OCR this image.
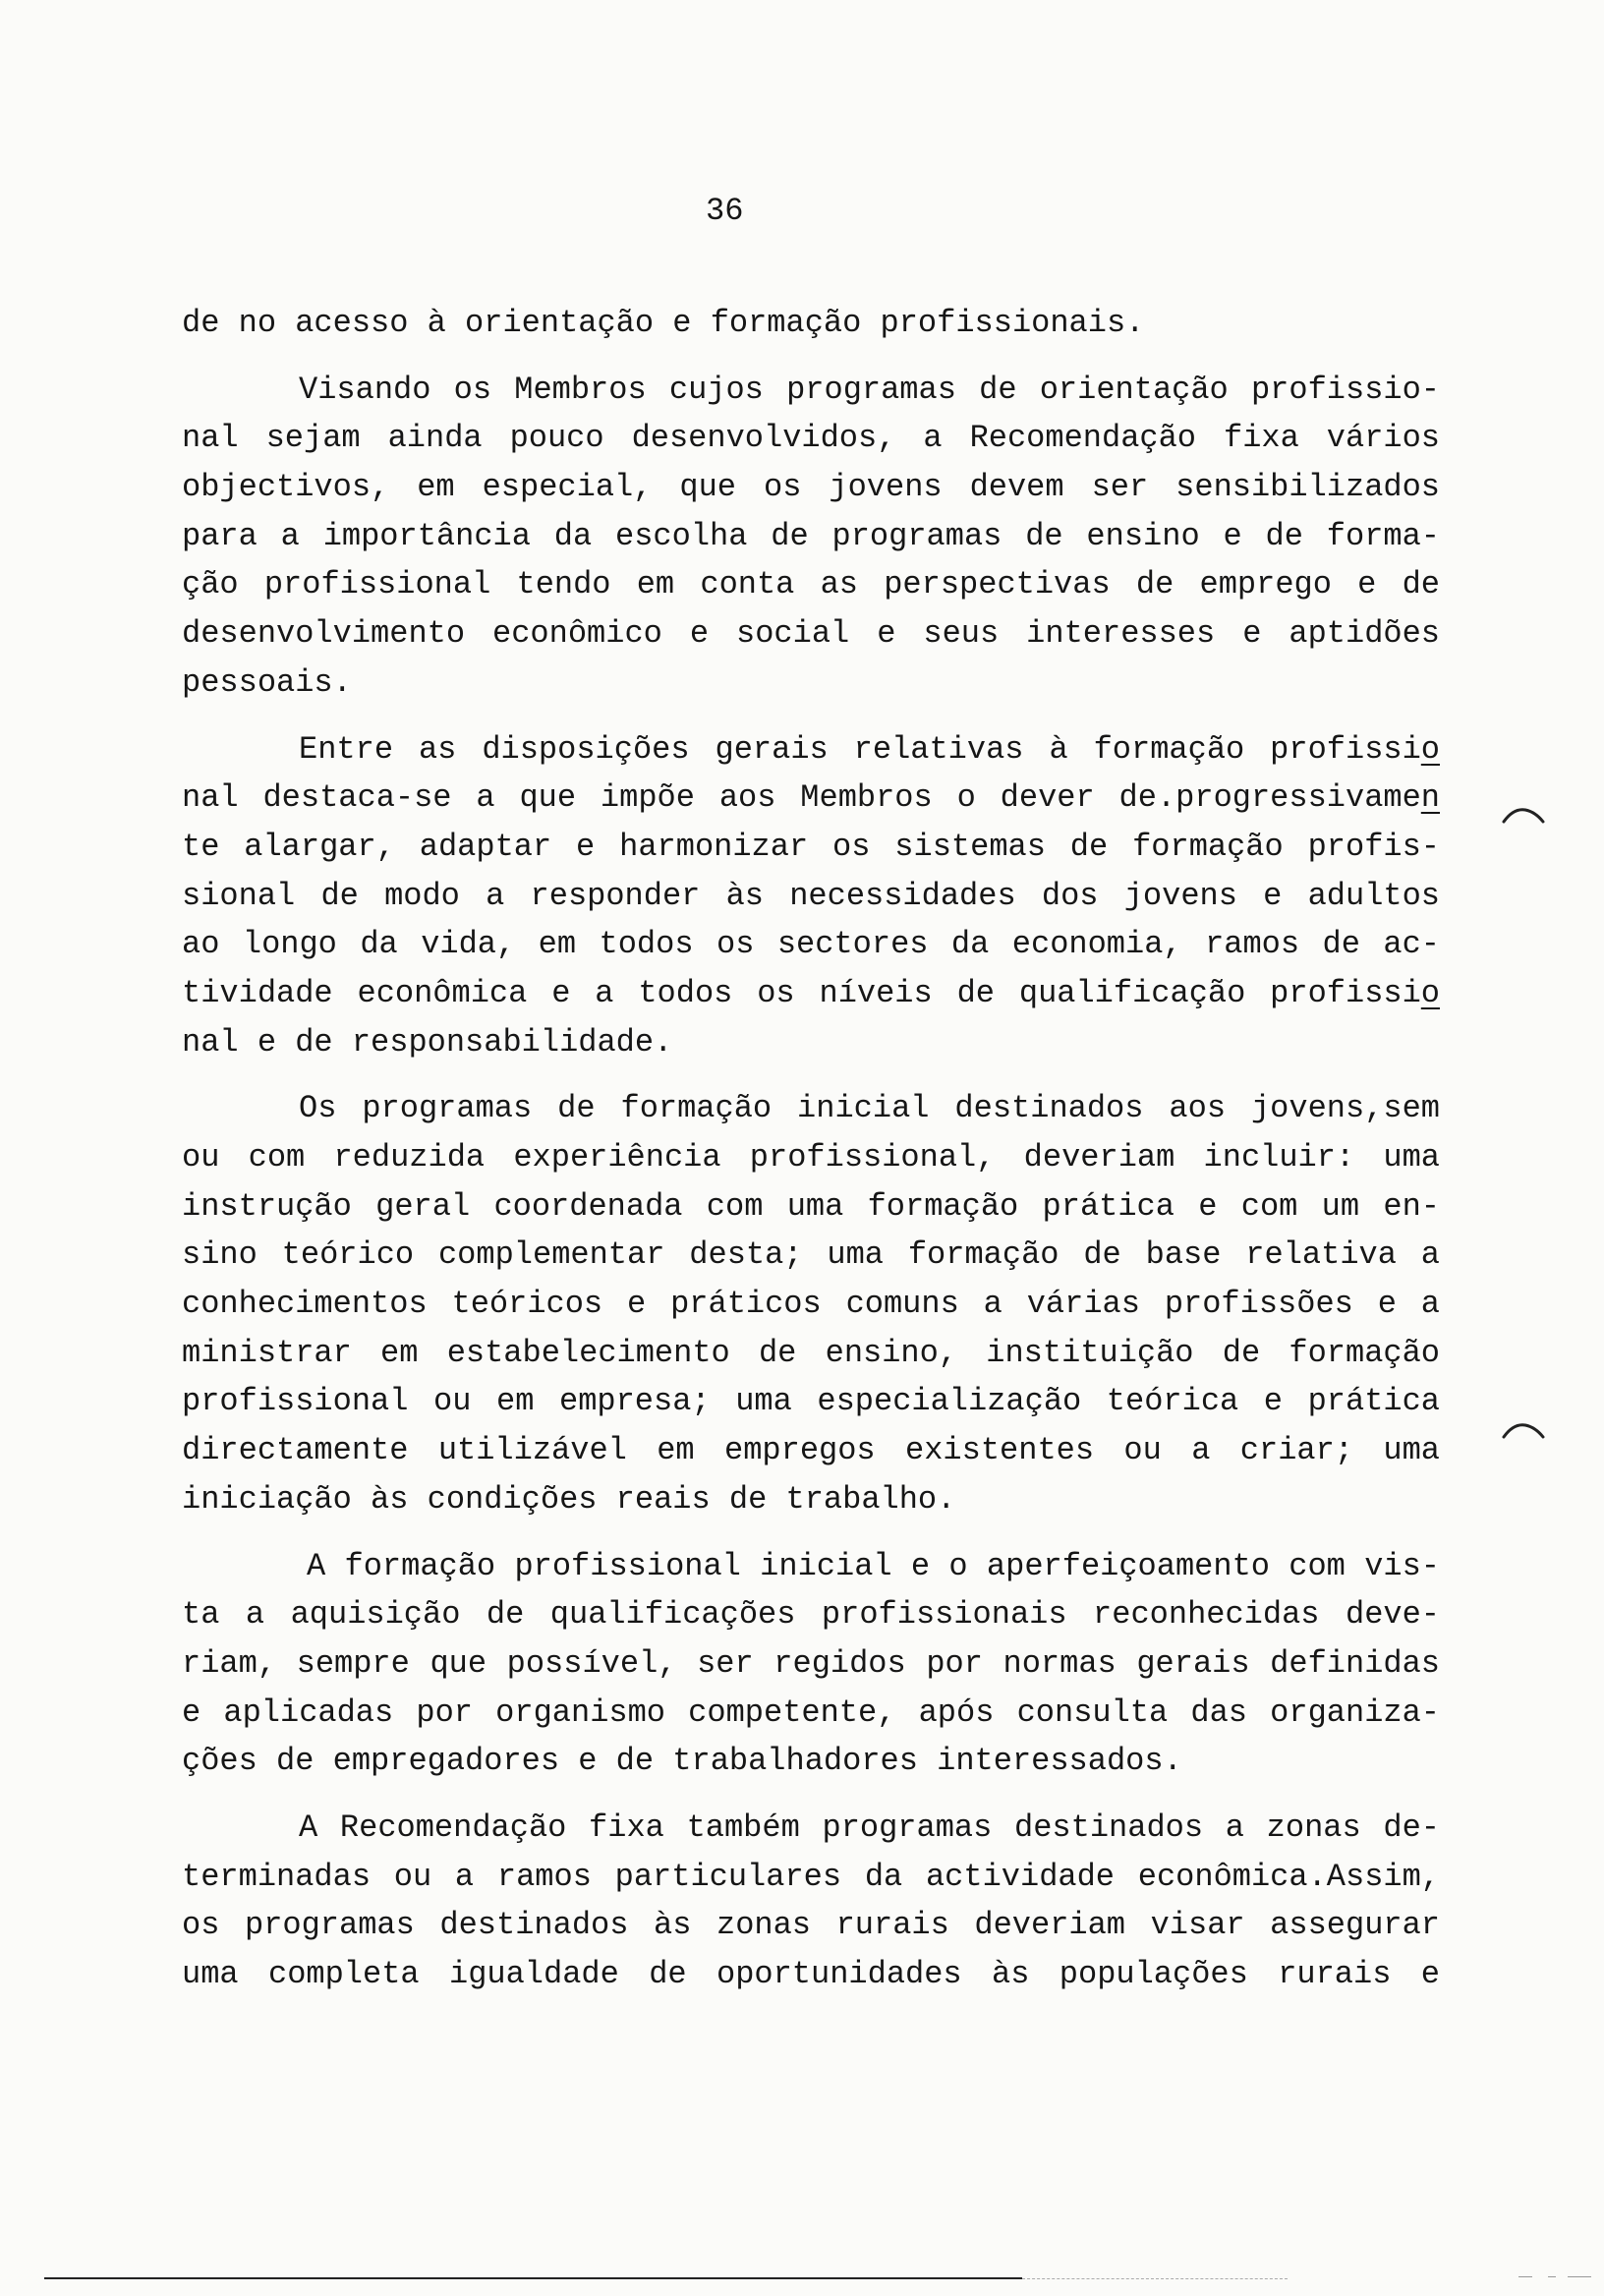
36
de no acesso à orientação e formação profissionais.
Visando os Membros cujos programas de orientação profissio-
nal sejam ainda pouco desenvolvidos, a Recomendação fixa vários
objectivos, em especial, que os jovens devem ser sensibilizados
para a importância da escolha de programas de ensino e de forma-
ção profissional tendo em conta as perspectivas de emprego e de
desenvolvimento econômico e social e seus interesses e aptidões
pessoais.
Entre as disposições gerais relativas à formação profissio
nal destaca-se a que impõe aos Membros o dever de.progressivamen
te alargar, adaptar e harmonizar os sistemas de formação profis-
sional de modo a responder às necessidades dos jovens e adultos
ao longo da vida, em todos os sectores da economia, ramos de ac-
tividade econômica e a todos os níveis de qualificação profissio
nal e de responsabilidade.
Os programas de formação inicial destinados aos jovens,sem
ou com reduzida experiência profissional, deveriam incluir: uma
instrução geral coordenada com uma formação prática e com um en-
sino teórico complementar desta; uma formação de base relativa a
conhecimentos teóricos e práticos comuns a várias profissões e a
ministrar em estabelecimento de ensino, instituição de formação
profissional ou em empresa; uma especialização teórica e prática
directamente utilizável em empregos existentes ou a criar; uma
iniciação às condições reais de trabalho.
A formação profissional inicial e o aperfeiçoamento com vis-
ta a aquisição de qualificações profissionais reconhecidas deve-
riam, sempre que possível, ser regidos por normas gerais definidas
e aplicadas por organismo competente, após consulta das organiza-
ções de empregadores e de trabalhadores interessados.
A Recomendação fixa também programas destinados a zonas de-
terminadas ou a ramos particulares da actividade econômica.Assim,
os programas destinados às zonas rurais deveriam visar assegurar
uma completa igualdade de oportunidades às populações rurais e
